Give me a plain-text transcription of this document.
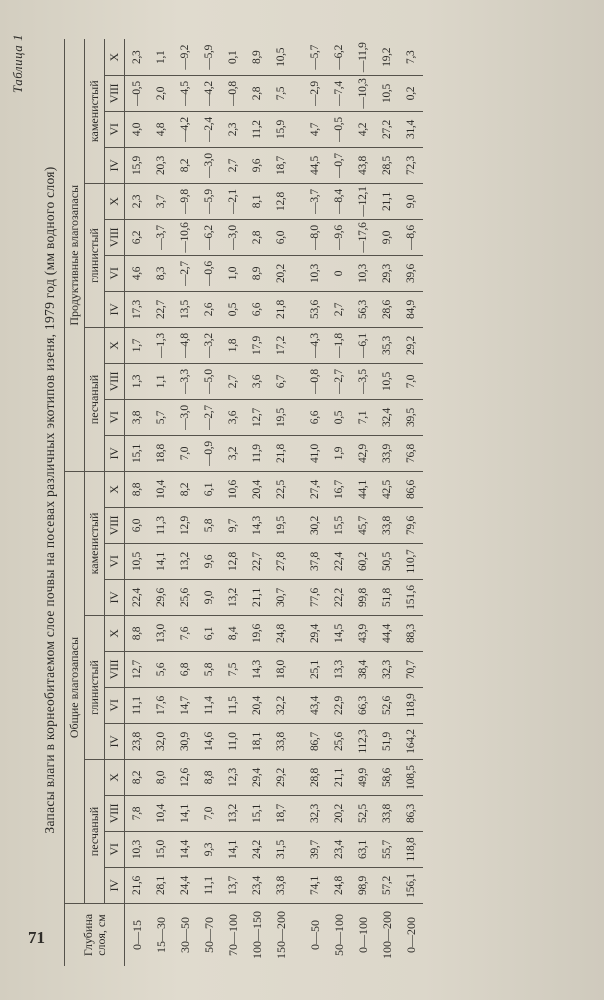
Таблица 1
Запасы влаги в корнеобитаемом слое почвы на посевах различных экотипов изеня, 1979 год (мм водного слоя)
Глубина слоя, см	Общие влагозапасы												Продуктивные влагозапасы											
	песчаный				глинистый				каменистый				песчаный				глинистый				каменистый			
	IV	VI	VIII	X	IV	VI	VIII	X	IV	VI	VIII	X	IV	VI	VIII	X	IV	VI	VIII	X	IV	VI	VIII	X
0—15	21,6	10,3	7,8	8,2	23,8	11,1	12,7	8,8	22,4	10,5	6,0	8,8	15,1	3,8	1,3	1,7	17,3	4,6	6,2	2,3	15,9	4,0	—0,5	2,3
15—30	28,1	15,0	10,4	8,0	32,0	17,6	5,6	13,0	29,6	14,1	11,3	10,4	18,8	5,7	1,1	—1,3	22,7	8,3	—3,7	3,7	20,3	4,8	2,0	1,1
30—50	24,4	14,4	14,1	12,6	30,9	14,7	6,8	7,6	25,6	13,2	12,9	8,2	7,0	—3,0	—3,3	—4,8	13,5	—2,7	—10,6	—9,8	8,2	—4,2	—4,5	—9,2
50—70	11,1	9,3	7,0	8,8	14,6	11,4	5,8	6,1	9,0	9,6	5,8	6,1	—0,9	—2,7	—5,0	—3,2	2,6	—0,6	—6,2	—5,9	—3,0	—2,4	—4,2	—5,9
70—100	13,7	14,1	13,2	12,3	11,0	11,5	7,5	8,4	13,2	12,8	9,7	10,6	3,2	3,6	2,7	1,8	0,5	1,0	—3,0	—2,1	2,7	2,3	—0,8	0,1
100—150	23,4	24,2	15,1	29,4	18,1	20,4	14,3	19,6	21,1	22,7	14,3	20,4	11,9	12,7	3,6	17,9	6,6	8,9	2,8	8,1	9,6	11,2	2,8	8,9
150—200	33,8	31,5	18,7	29,2	33,8	32,2	18,0	24,8	30,7	27,8	19,5	22,5	21,8	19,5	6,7	17,2	21,8	20,2	6,0	12,8	18,7	15,9	7,5	10,5

0—50	74,1	39,7	32,3	28,8	86,7	43,4	25,1	29,4	77,6	37,8	30,2	27,4	41,0	6,6	—0,8	—4,3	53,6	10,3	—8,0	—3,7	44,5	4,7	—2,9	—5,7
50—100	24,8	23,4	20,2	21,1	25,6	22,9	13,3	14,5	22,2	22,4	15,5	16,7	1,9	0,5	—2,7	—1,8	2,7	0	—9,6	—8,4	—0,7	—0,5	—7,4	—6,2
0—100	98,9	63,1	52,5	49,9	112,3	66,3	38,4	43,9	99,8	60,2	45,7	44,1	42,9	7,1	—3,5	—6,1	56,3	10,3	—17,6	—12,1	43,8	4,2	—10,3	—11,9
100—200	57,2	55,7	33,8	58,6	51,9	52,6	32,3	44,4	51,8	50,5	33,8	42,5	33,9	32,4	10,5	35,3	28,6	29,3	9,0	21,1	28,5	27,2	10,5	19,2
0—200	156,1	118,8	86,3	108,5	164,2	118,9	70,7	88,3	151,6	110,7	79,6	86,6	76,8	39,5	7,0	29,2	84,9	39,6	—8,6	9,0	72,3	31,4	0,2	7,3
71
